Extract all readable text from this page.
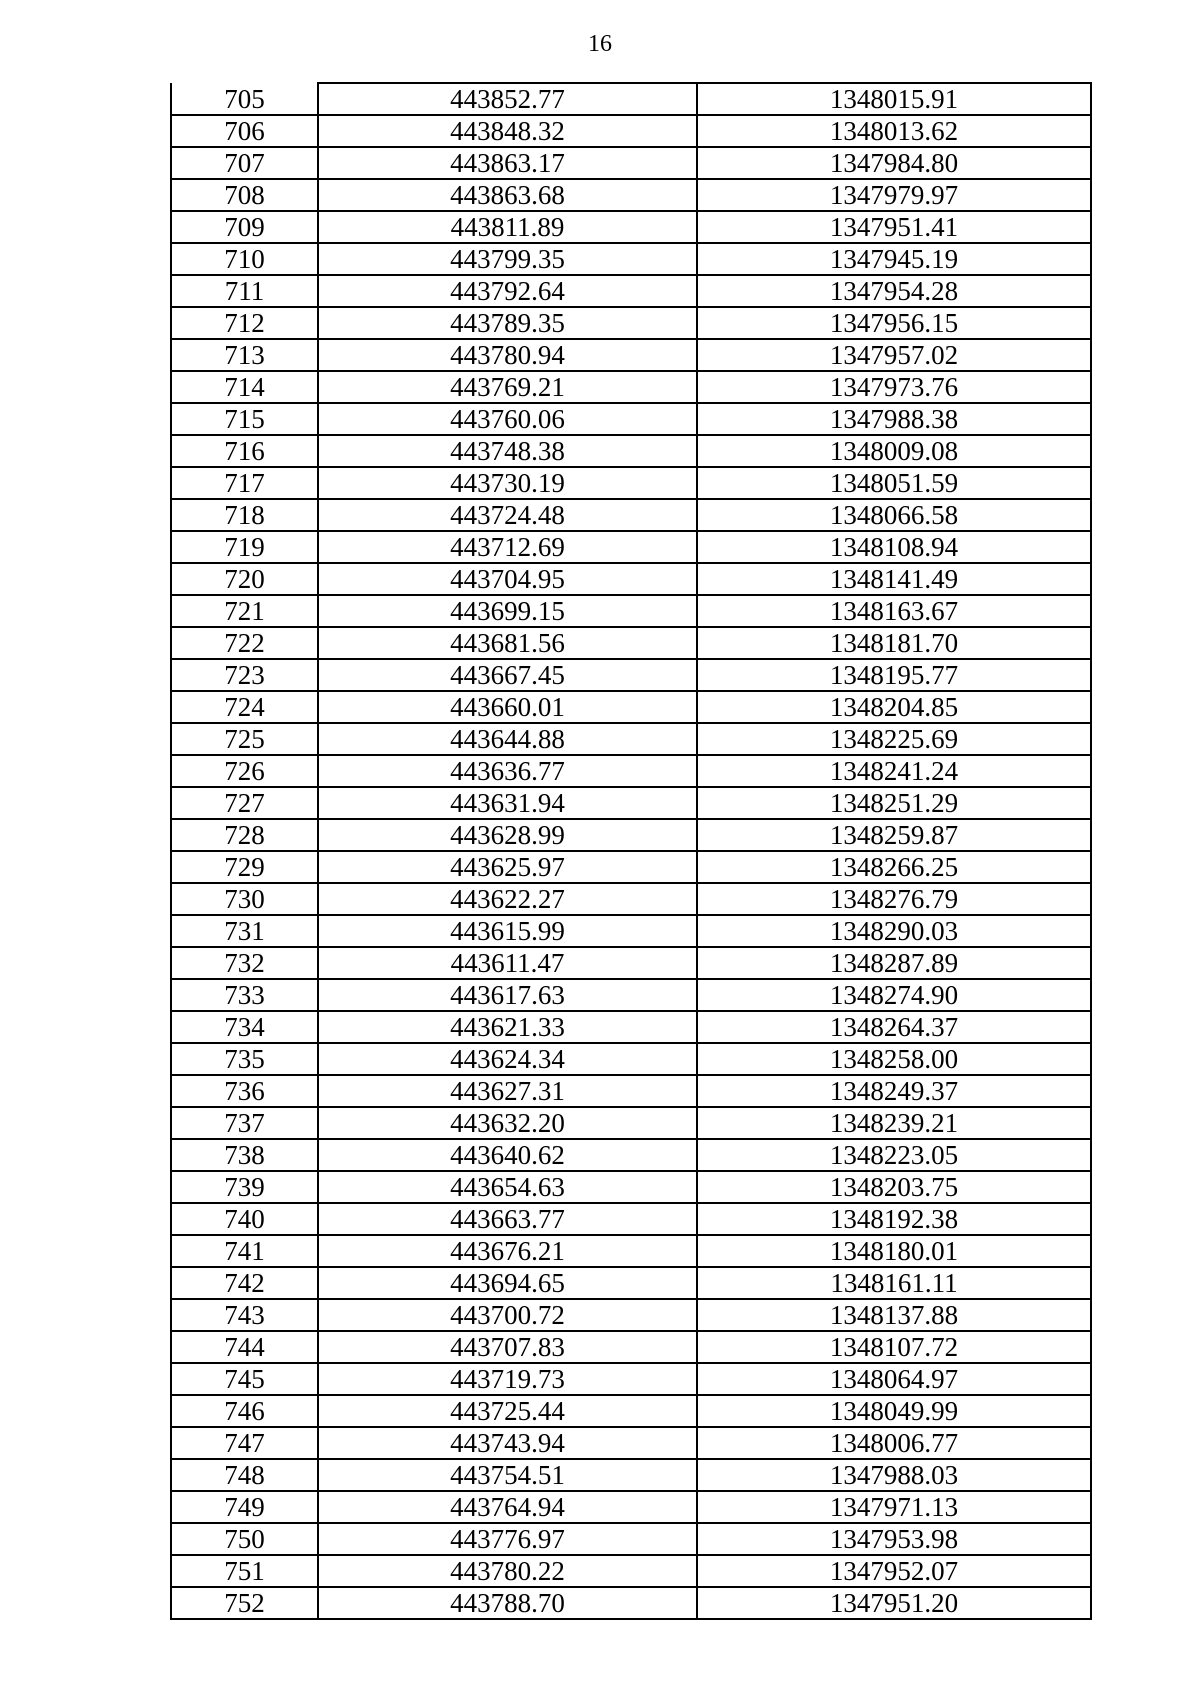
16
705	443852.77	1348015.91
706	443848.32	1348013.62
707	443863.17	1347984.80
708	443863.68	1347979.97
709	443811.89	1347951.41
710	443799.35	1347945.19
711	443792.64	1347954.28
712	443789.35	1347956.15
713	443780.94	1347957.02
714	443769.21	1347973.76
715	443760.06	1347988.38
716	443748.38	1348009.08
717	443730.19	1348051.59
718	443724.48	1348066.58
719	443712.69	1348108.94
720	443704.95	1348141.49
721	443699.15	1348163.67
722	443681.56	1348181.70
723	443667.45	1348195.77
724	443660.01	1348204.85
725	443644.88	1348225.69
726	443636.77	1348241.24
727	443631.94	1348251.29
728	443628.99	1348259.87
729	443625.97	1348266.25
730	443622.27	1348276.79
731	443615.99	1348290.03
732	443611.47	1348287.89
733	443617.63	1348274.90
734	443621.33	1348264.37
735	443624.34	1348258.00
736	443627.31	1348249.37
737	443632.20	1348239.21
738	443640.62	1348223.05
739	443654.63	1348203.75
740	443663.77	1348192.38
741	443676.21	1348180.01
742	443694.65	1348161.11
743	443700.72	1348137.88
744	443707.83	1348107.72
745	443719.73	1348064.97
746	443725.44	1348049.99
747	443743.94	1348006.77
748	443754.51	1347988.03
749	443764.94	1347971.13
750	443776.97	1347953.98
751	443780.22	1347952.07
752	443788.70	1347951.20
